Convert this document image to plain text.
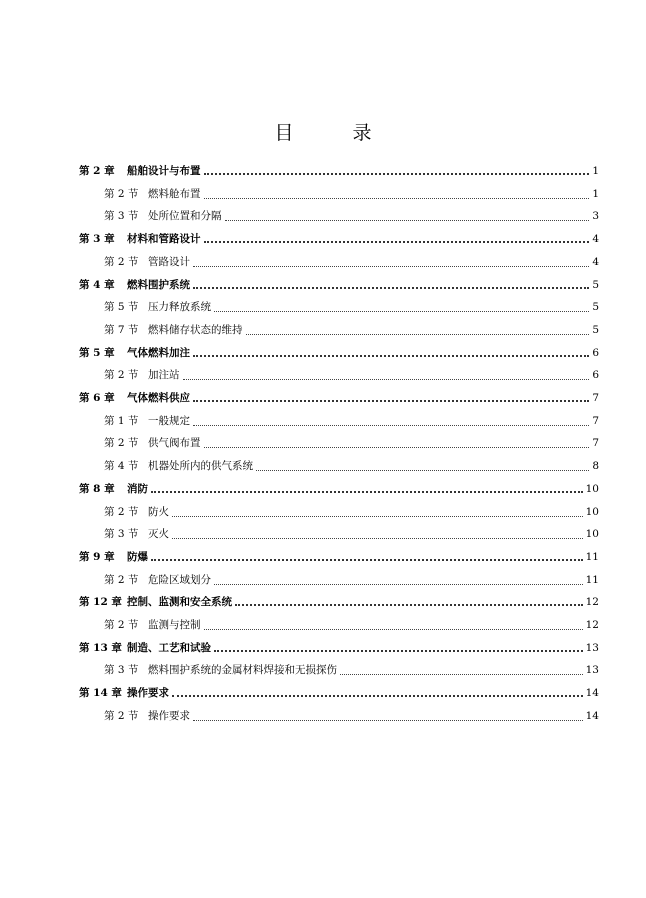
目　录
第 2 章	船舶设计与布置	1
第 2 节 燃料舱布置	1
第 3 节 处所位置和分隔	3
第 3 章	材料和管路设计	4
第 2 节 管路设计	4
第 4 章	燃料围护系统	5
第 5 节 压力释放系统	5
第 7 节 燃料储存状态的维持	5
第 5 章	气体燃料加注	6
第 2 节 加注站	6
第 6 章	气体燃料供应	7
第 1 节 一般规定	7
第 2 节 供气阀布置	7
第 4 节 机器处所内的供气系统	8
第 8 章	消防	10
第 2 节 防火	10
第 3 节 灭火	10
第 9 章	防爆	11
第 2 节 危险区域划分	11
第 12 章 控制、监测和安全系统	12
第 2 节 监测与控制	12
第 13 章 制造、工艺和试验	13
第 3 节 燃料围护系统的金属材料焊接和无损探伤	13
第 14 章 操作要求	14
第 2 节 操作要求	14
